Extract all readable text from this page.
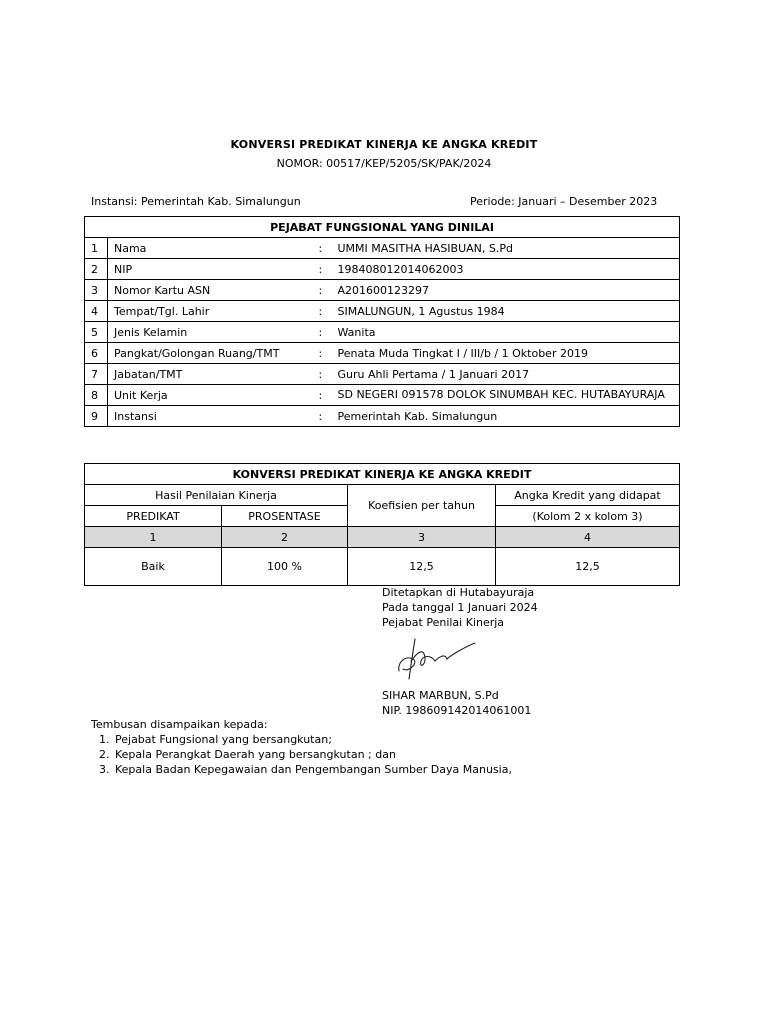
KONVERSI PREDIKAT KINERJA KE ANGKA KREDIT
NOMOR: 00517/KEP/5205/SK/PAK/2024
Instansi: Pemerintah Kab. Simalungun	Periode: Januari – Desember 2023
PEJABAT FUNGSIONAL YANG DINILAI			
1	Nama	:	UMMI MASITHA HASIBUAN, S.Pd
2	NIP	:	198408012014062003
3	Nomor Kartu ASN	:	A201600123297
4	Tempat/Tgl. Lahir	:	SIMALUNGUN, 1 Agustus 1984
5	Jenis Kelamin	:	Wanita
6	Pangkat/Golongan Ruang/TMT	:	Penata Muda Tingkat I / III/b / 1 Oktober 2019
7	Jabatan/TMT	:	Guru Ahli Pertama / 1 Januari 2017
8	Unit Kerja	:	SD NEGERI 091578 DOLOK SINUMBAH KEC. HUTABAYURAJA
9	Instansi	:	Pemerintah Kab. Simalungun
KONVERSI PREDIKAT KINERJA KE ANGKA KREDIT			
Hasil Penilaian Kinerja		Koefisien per tahun	Angka Kredit yang didapat
PREDIKAT	PROSENTASE		(Kolom 2 x kolom 3)
1	2	3	4
Baik	100 %	12,5	12,5
Ditetapkan di Hutabayuraja
Pada tanggal 1 Januari 2024
Pejabat Penilai Kinerja
SIHAR MARBUN, S.Pd
NIP. 198609142014061001
Tembusan disampaikan kepada:
1. Pejabat Fungsional yang bersangkutan;
2. Kepala Perangkat Daerah yang bersangkutan ; dan
3. Kepala Badan Kepegawaian dan Pengembangan Sumber Daya Manusia,
